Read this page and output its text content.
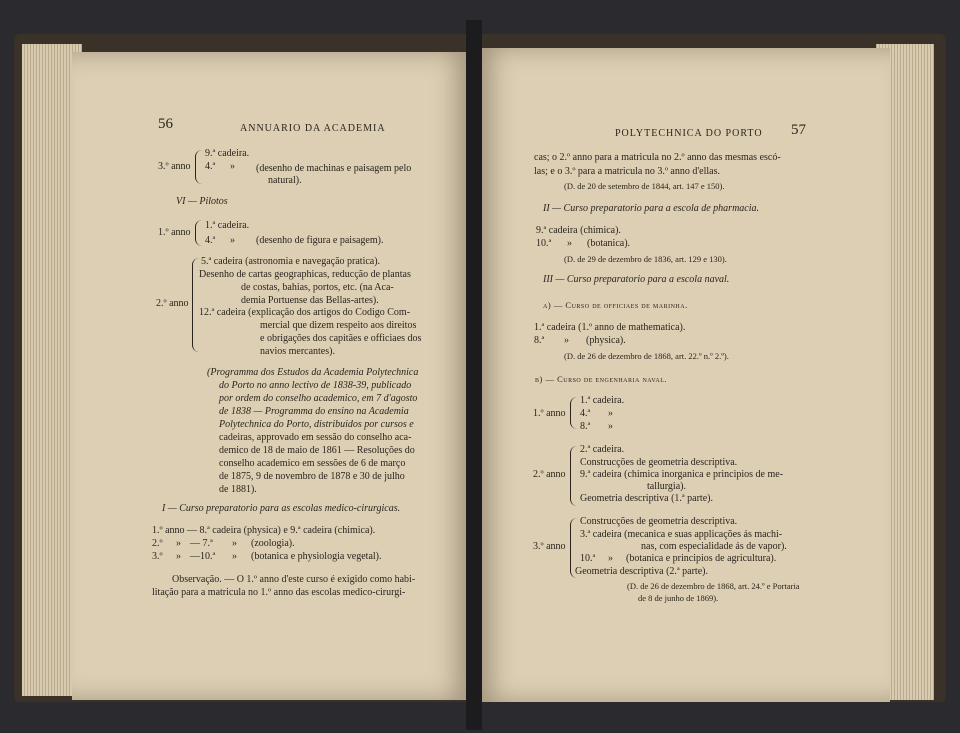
56	ANNUARIO DA ACADEMIA
3.º anno
9.ª cadeira.
4.ª » (desenho de machinas e paisagem pelo
natural).
VI — Pilotos
1.º anno
1.ª cadeira.
4.ª » (desenho de figura e paisagem).
2.º anno
5.ª cadeira (astronomia e navegação pratica).
Desenho de cartas geographicas, reducção de plantas
de costas, bahias, portos, etc. (na Aca-
demia Portuense das Bellas-artes).
12.ª cadeira (explicação dos artigos do Codigo Com-
mercial que dizem respeito aos direitos
e obrigações dos capitães e officiaes dos
navios mercantes).
(Programma dos Estudos da Academia Polytechnica
do Porto no anno lectivo de 1838-39, publicado
por ordem do conselho academico, em 7 d'agosto
de 1838 — Programma do ensino na Academia
Polytechnica do Porto, distribuidos por cursos e
cadeiras, approvado em sessão do conselho aca-
demico de 18 de maio de 1861 — Resoluções do
conselho academico em sessões de 6 de março
de 1875, 9 de novembro de 1878 e 30 de julho
de 1881).
I — Curso preparatorio para as escolas medico-cirurgicas.
1.º anno — 8.ª cadeira (physica) e 9.ª cadeira (chimica).
2.º » — 7.ª » (zoologia).
3.º » —10.ª » (botanica e physiologia vegetal).
Observação. — O 1.º anno d'este curso é exigido como habi-
litação para a matricula no 1.º anno das escolas medico-cirurgi-
POLYTECHNICA DO PORTO 57
cas; o 2.º anno para a matricula no 2.º anno das mesmas escó-
las; e o 3.º para a matricula no 3.º anno d'ellas.
(D. de 20 de setembro de 1844, art. 147 e 150).
II — Curso preparatorio para a escola de pharmacia.
9.ª cadeira (chimica).
10.ª » (botanica).
(D. de 29 de dezembro de 1836, art. 129 e 130).
III — Curso preparatorio para a escola naval.
a) — Curso de officiaes de marinha.
1.ª cadeira (1.º anno de mathematica).
8.ª » (physica).
(D. de 26 de dezembro de 1868, art. 22.º n.º 2.º).
b) — Curso de engenharia naval.
1.º anno
1.ª cadeira.
4.ª »
8.ª »
2.º anno
2.ª cadeira.
Construcções de geometria descriptiva.
9.ª cadeira (chimica inorganica e principios de me-
tallurgia).
Geometria descriptiva (1.ª parte).
3.º anno
Construcções de geometria descriptiva.
3.ª cadeira (mecanica e suas applicações ás machi-
nas, com especialidade ás de vapor).
10.ª » (botanica e principios de agricultura).
Geometria descriptiva (2.ª parte).
(D. de 26 de dezembro de 1868, art. 24.º e Portaria
de 8 de junho de 1869).
